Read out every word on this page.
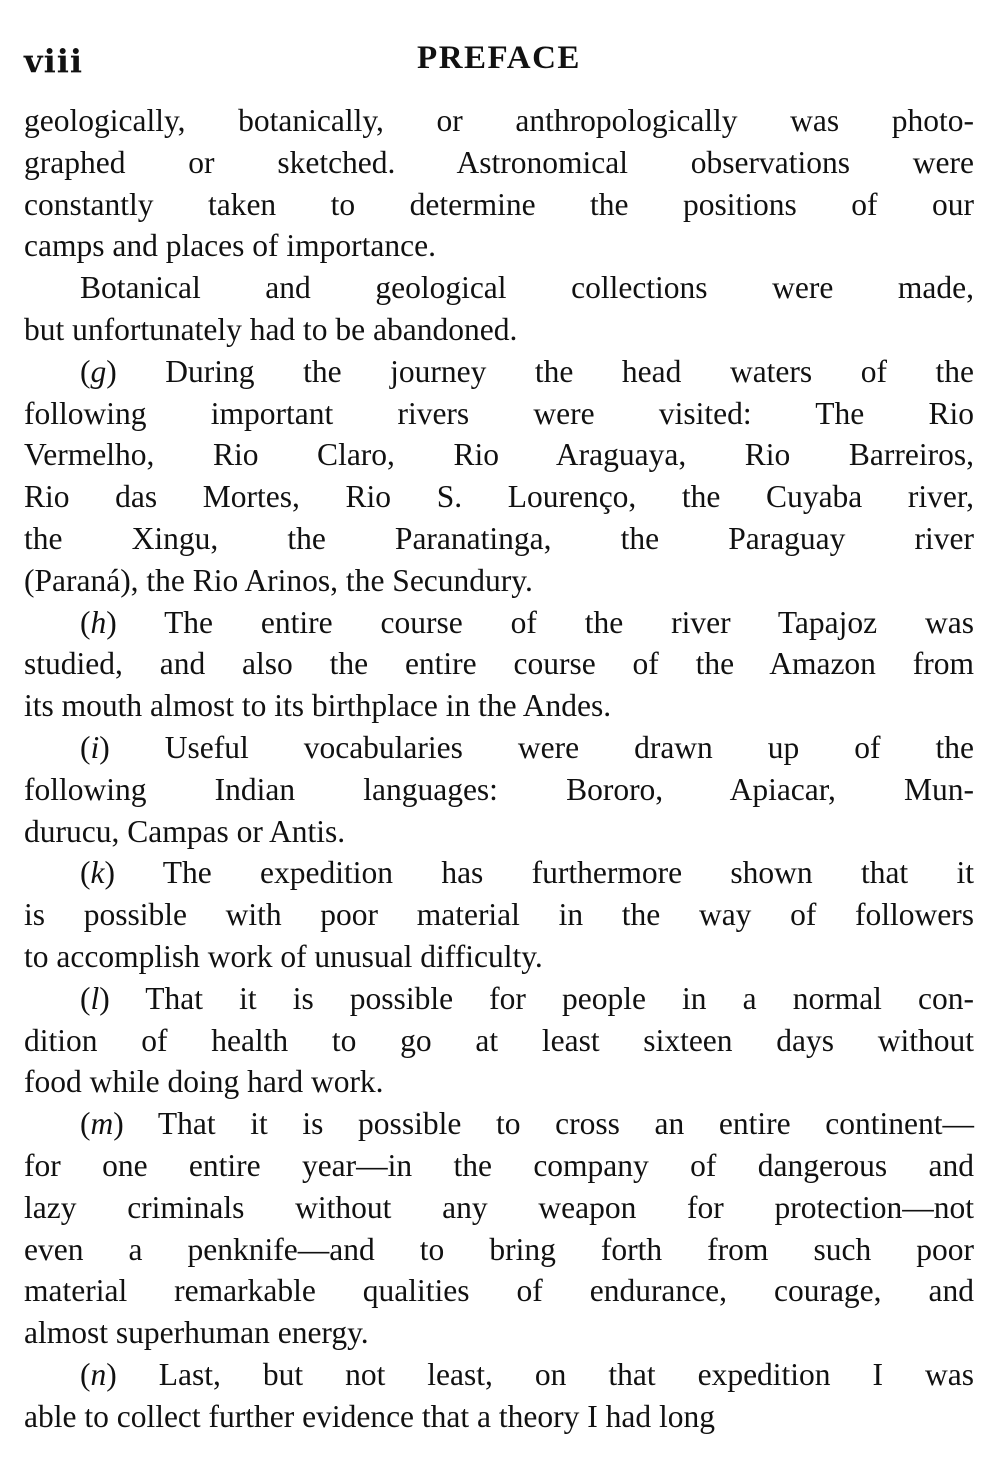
viii	PREFACE
geologically, botanically, or anthropologically was photo-
graphed or sketched. Astronomical observations were
constantly taken to determine the positions of our
camps and places of importance.
Botanical and geological collections were made,
but unfortunately had to be abandoned.
(g) During the journey the head waters of the
following important rivers were visited: The Rio
Vermelho, Rio Claro, Rio Araguaya, Rio Barreiros,
Rio das Mortes, Rio S. Lourenço, the Cuyaba river,
the Xingu, the Paranatinga, the Paraguay river
(Paraná), the Rio Arinos, the Secundury.
(h) The entire course of the river Tapajoz was
studied, and also the entire course of the Amazon from
its mouth almost to its birthplace in the Andes.
(i) Useful vocabularies were drawn up of the
following Indian languages: Bororo, Apiacar, Mun-
durucu, Campas or Antis.
(k) The expedition has furthermore shown that it
is possible with poor material in the way of followers
to accomplish work of unusual difficulty.
(l) That it is possible for people in a normal con-
dition of health to go at least sixteen days without
food while doing hard work.
(m) That it is possible to cross an entire continent—
for one entire year—in the company of dangerous and
lazy criminals without any weapon for protection—not
even a penknife—and to bring forth from such poor
material remarkable qualities of endurance, courage, and
almost superhuman energy.
(n) Last, but not least, on that expedition I was
able to collect further evidence that a theory I had long
